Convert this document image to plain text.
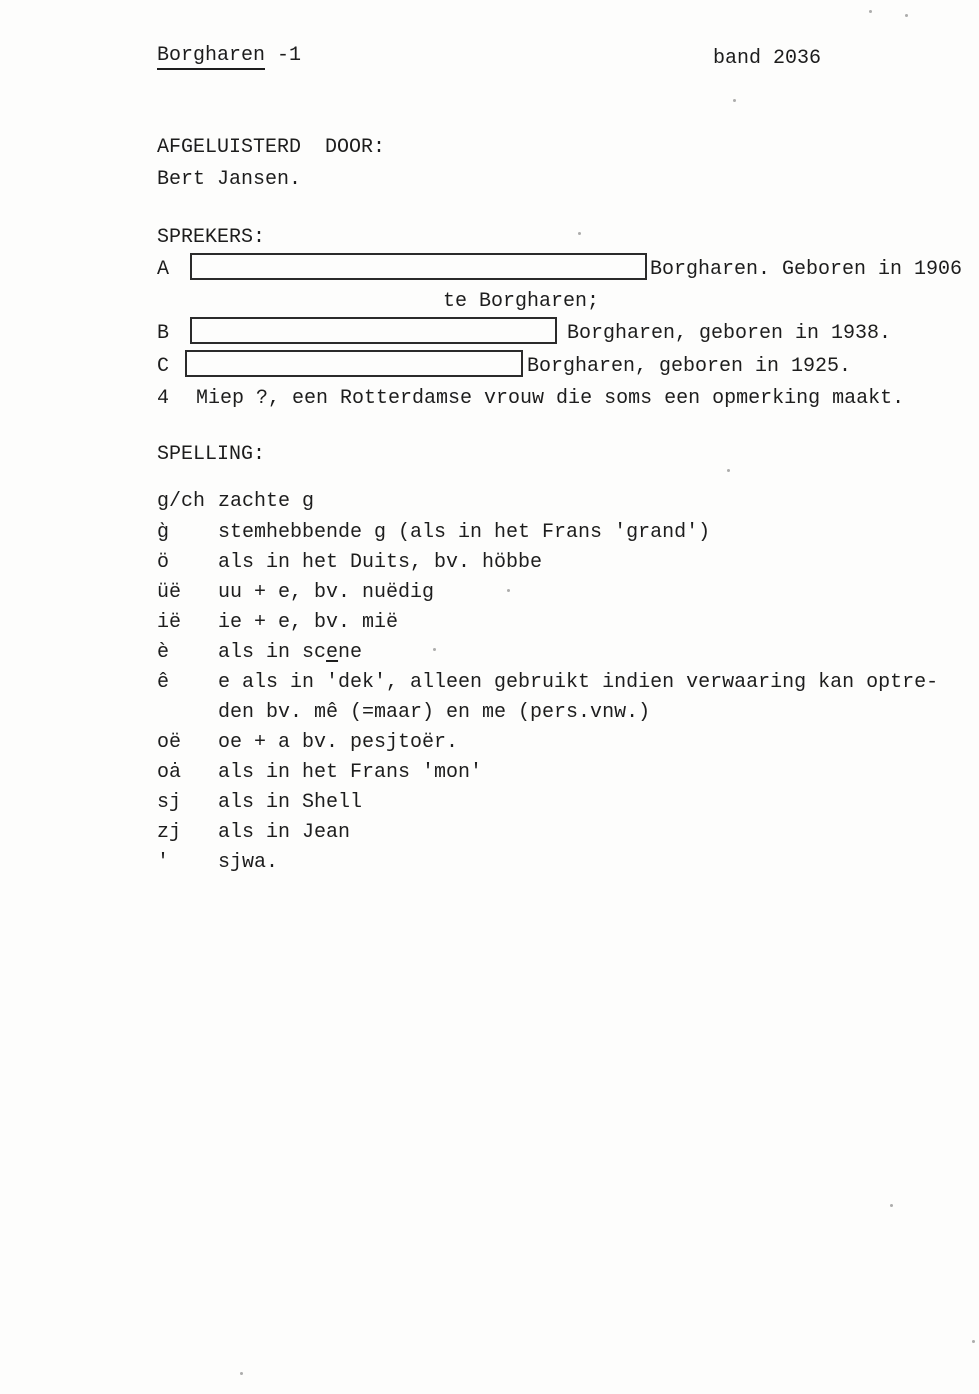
Borgharen -1	band 2036
AFGELUISTERD  DOOR:
Bert Jansen.
SPREKERS:
A	Borgharen. Geboren in 1906
te Borgharen;
B	Borgharen, geboren in 1938.
C	Borgharen, geboren in 1925.
4 Miep ?, een Rotterdamse vrouw die soms een opmerking maakt.
SPELLING:
g/ch zachte g
g̀ stemhebbende g (als in het Frans 'grand')
ö als in het Duits, bv. höbbe
üë uu + e, bv. nuëdig
ië ie + e, bv. mië
è als in scene
ê e als in 'dek', alleen gebruikt indien verwaaring kan optre-
den bv. mê (=maar) en me (pers.vnw.)
oë oe + a bv. pesjtoër.
oȧ als in het Frans 'mon'
sj als in Shell
zj als in Jean
' sjwa.
